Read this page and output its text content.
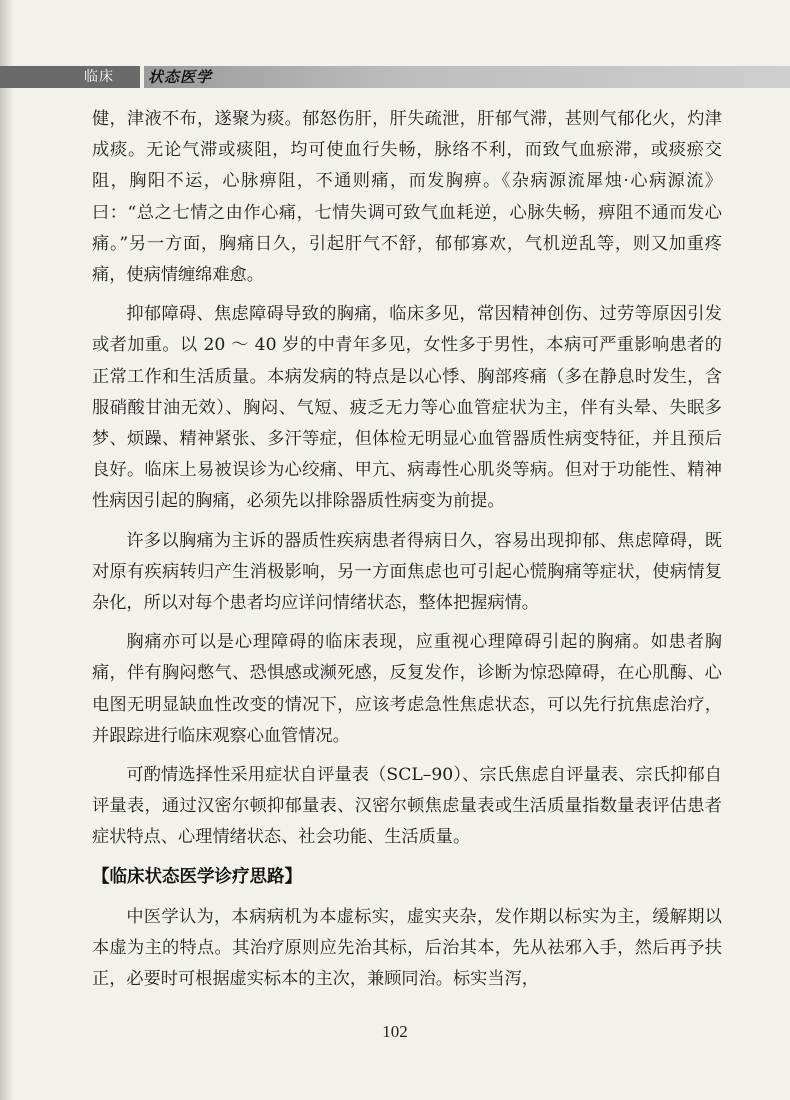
临床 状态医学

健，津液不布，遂聚为痰。郁怒伤肝，肝失疏泄，肝郁气滞，甚则气郁化火，灼津成痰。无论气滞或痰阻，均可使血行失畅，脉络不利，而致气血瘀滞，或痰瘀交阻，胸阳不运，心脉痹阻，不通则痛，而发胸痹。《杂病源流犀烛·心病源流》曰：“总之七情之由作心痛，七情失调可致气血耗逆，心脉失畅，痹阻不通而发心痛。”另一方面，胸痛日久，引起肝气不舒，郁郁寡欢，气机逆乱等，则又加重疼痛，使病情缠绵难愈。

抑郁障碍、焦虑障碍导致的胸痛，临床多见，常因精神创伤、过劳等原因引发或者加重。以 20 ～ 40 岁的中青年多见，女性多于男性，本病可严重影响患者的正常工作和生活质量。本病发病的特点是以心悸、胸部疼痛（多在静息时发生，含服硝酸甘油无效）、胸闷、气短、疲乏无力等心血管症状为主，伴有头晕、失眠多梦、烦躁、精神紧张、多汗等症，但体检无明显心血管器质性病变特征，并且预后良好。临床上易被误诊为心绞痛、甲亢、病毒性心肌炎等病。但对于功能性、精神性病因引起的胸痛，必须先以排除器质性病变为前提。

许多以胸痛为主诉的器质性疾病患者得病日久，容易出现抑郁、焦虑障碍，既对原有疾病转归产生消极影响，另一方面焦虑也可引起心慌胸痛等症状，使病情复杂化，所以对每个患者均应详问情绪状态，整体把握病情。

胸痛亦可以是心理障碍的临床表现，应重视心理障碍引起的胸痛。如患者胸痛，伴有胸闷憋气、恐惧感或濒死感，反复发作，诊断为惊恐障碍，在心肌酶、心电图无明显缺血性改变的情况下，应该考虑急性焦虑状态，可以先行抗焦虑治疗，并跟踪进行临床观察心血管情况。

可酌情选择性采用症状自评量表（SCL–90）、宗氏焦虑自评量表、宗氏抑郁自评量表，通过汉密尔顿抑郁量表、汉密尔顿焦虑量表或生活质量指数量表评估患者症状特点、心理情绪状态、社会功能、生活质量。

【临床状态医学诊疗思路】

中医学认为，本病病机为本虚标实，虚实夹杂，发作期以标实为主，缓解期以本虚为主的特点。其治疗原则应先治其标，后治其本，先从祛邪入手，然后再予扶正，必要时可根据虚实标本的主次，兼顾同治。标实当泻，

102
